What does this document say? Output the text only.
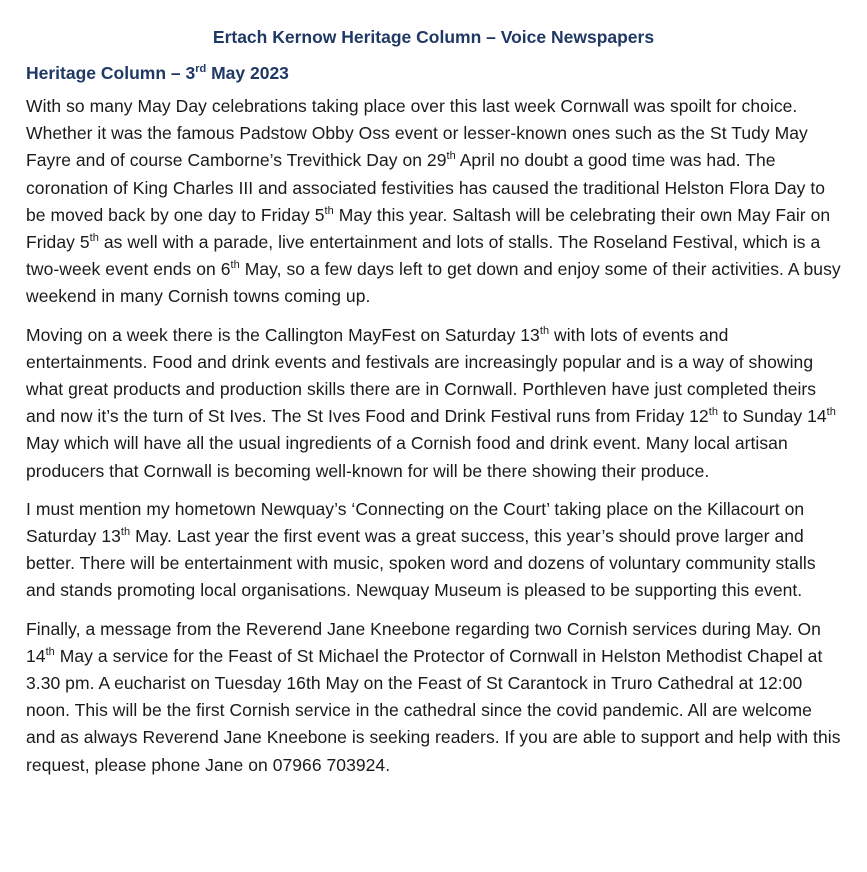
Ertach Kernow Heritage Column – Voice Newspapers
Heritage Column – 3rd May 2023

With so many May Day celebrations taking place over this last week Cornwall was spoilt for choice. Whether it was the famous Padstow Obby Oss event or lesser-known ones such as the St Tudy May Fayre and of course Camborne’s Trevithick Day on 29th April no doubt a good time was had. The coronation of King Charles III and associated festivities has caused the traditional Helston Flora Day to be moved back by one day to Friday 5th May this year. Saltash will be celebrating their own May Fair on Friday 5th as well with a parade, live entertainment and lots of stalls. The Roseland Festival, which is a two-week event ends on 6th May, so a few days left to get down and enjoy some of their activities. A busy weekend in many Cornish towns coming up.

Moving on a week there is the Callington MayFest on Saturday 13th with lots of events and entertainments. Food and drink events and festivals are increasingly popular and is a way of showing what great products and production skills there are in Cornwall. Porthleven have just completed theirs and now it’s the turn of St Ives. The St Ives Food and Drink Festival runs from Friday 12th to Sunday 14th May which will have all the usual ingredients of a Cornish food and drink event. Many local artisan producers that Cornwall is becoming well-known for will be there showing their produce.

I must mention my hometown Newquay’s ‘Connecting on the Court’ taking place on the Killacourt on Saturday 13th May. Last year the first event was a great success, this year’s should prove larger and better. There will be entertainment with music, spoken word and dozens of voluntary community stalls and stands promoting local organisations. Newquay Museum is pleased to be supporting this event.

Finally, a message from the Reverend Jane Kneebone regarding two Cornish services during May. On 14th May a service for the Feast of St Michael the Protector of Cornwall in Helston Methodist Chapel at 3.30 pm. A eucharist on Tuesday 16th May on the Feast of St Carantock in Truro Cathedral at 12:00 noon. This will be the first Cornish service in the cathedral since the covid pandemic. All are welcome and as always Reverend Jane Kneebone is seeking readers. If you are able to support and help with this request, please phone Jane on 07966 703924.
